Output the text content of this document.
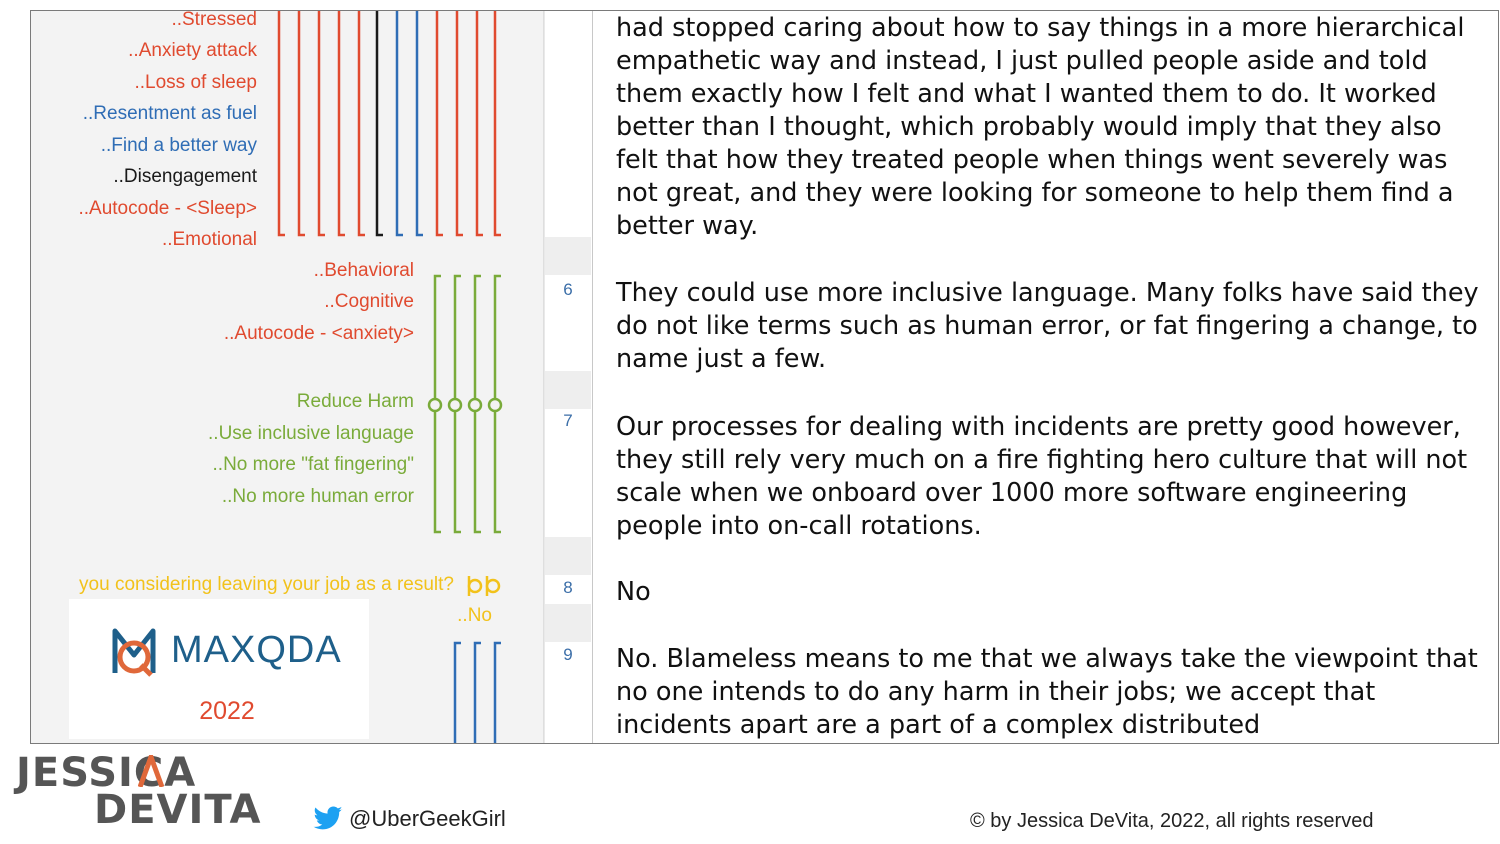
..Stressed
..Anxiety attack
..Loss of sleep
..Resentment as fuel
..Find a better way
..Disengagement
..Autocode - <Sleep>
..Emotional
..Behavioral
..Cognitive
..Autocode - <anxiety>
Reduce Harm
..Use inclusive language
..No more "fat fingering"
..No more human error
you considering leaving your job as a result?
..No
MAXQDA
2022
6
7
8
9

had stopped caring about how to say things in a more hierarchical empathetic way and instead, I just pulled people aside and told them exactly how I felt and what I wanted them to do. It worked better than I thought, which probably would imply that they also felt that how they treated people when things went severely was not great, and they were looking for someone to help them find a better way.

They could use more inclusive language. Many folks have said they do not like terms such as human error, or fat fingering a change, to name just a few.

Our processes for dealing with incidents are pretty good however, they still rely very much on a fire fighting hero culture that will not scale when we onboard over 1000 more software engineering people into on-call rotations.

No

No. Blameless means to me that we always take the viewpoint that no one intends to do any harm in their jobs; we accept that incidents apart are a part of a complex distributed

JESSICA
DEVITA	@UberGeekGirl	© by Jessica DeVita, 2022, all rights reserved
